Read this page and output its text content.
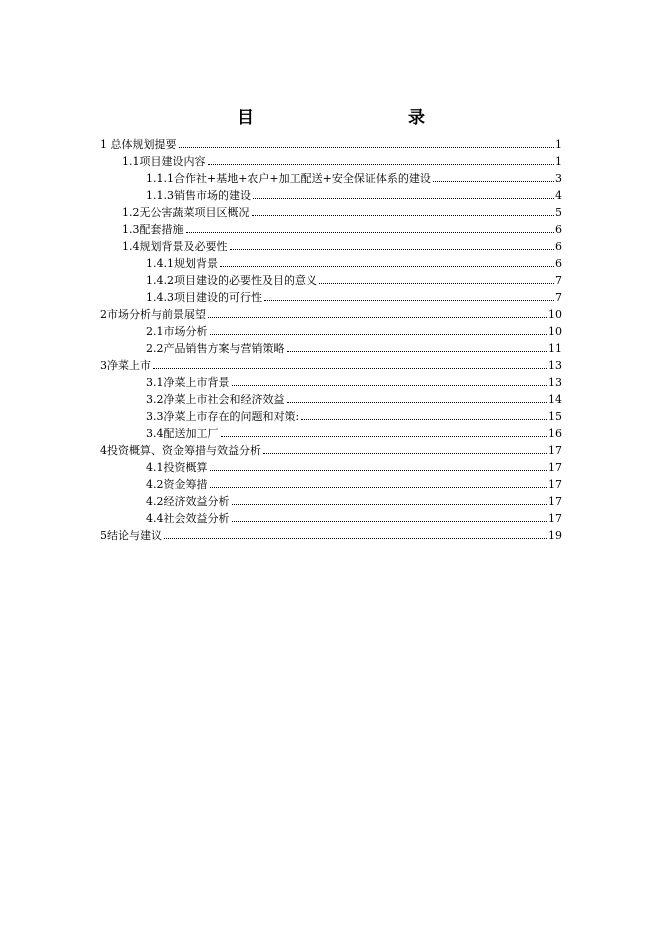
目　　录
1 总体规划提要	1
1.1项目建设内容	1
1.1.1合作社+基地+农户+加工配送+安全保证体系的建设	3
1.1.3销售市场的建设	4
1.2无公害蔬菜项目区概况	5
1.3配套措施	6
1.4规划背景及必要性	6
1.4.1规划背景	6
1.4.2项目建设的必要性及目的意义	7
1.4.3项目建设的可行性	7
2市场分析与前景展望	10
2.1市场分析	10
2.2产品销售方案与营销策略	11
3净菜上市	13
3.1净菜上市背景	13
3.2净菜上市社会和经济效益	14
3.3净菜上市存在的问题和对策:	15
3.4配送加工厂	16
4投资概算、资金筹措与效益分析	17
4.1投资概算	17
4.2资金筹措	17
4.2经济效益分析	17
4.4社会效益分析	17
5结论与建议	19
